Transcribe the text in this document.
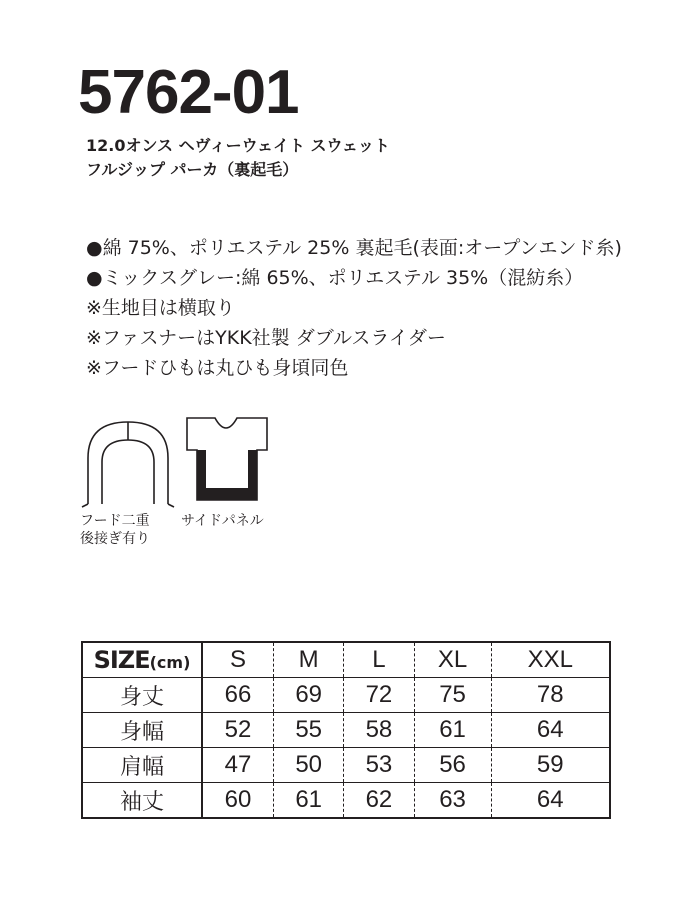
5762-01
12.0オンス ヘヴィーウェイト スウェット
フルジップ パーカ（裏起毛）
●綿 75%、ポリエステル 25% 裏起毛(表面:オープンエンド糸)
●ミックスグレー:綿 65%、ポリエステル 35%（混紡糸）
※生地目は横取り
※ファスナーはYKK社製 ダブルスライダー
※フードひもは丸ひも身頃同色
フード二重
後接ぎ有り
サイドパネル
SIZE(cm)	S	M	L	XL	XXL
身丈	66	69	72	75	78
身幅	52	55	58	61	64
肩幅	47	50	53	56	59
袖丈	60	61	62	63	64
